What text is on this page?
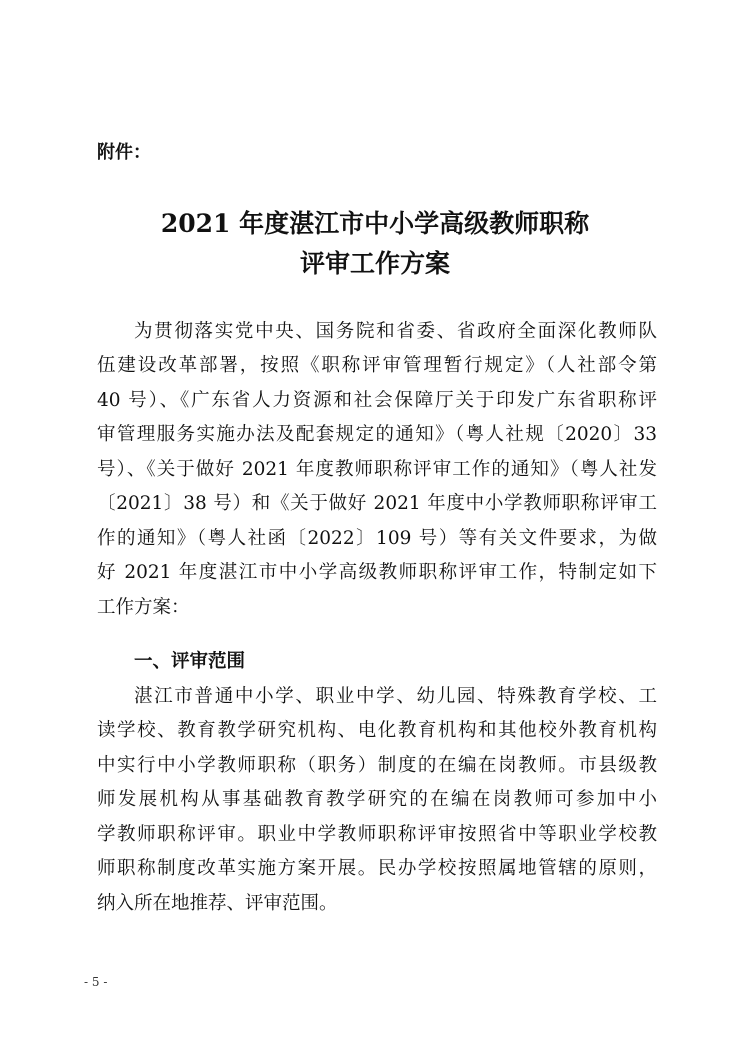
附件：

2021 年度湛江市中小学高级教师职称
评审工作方案

为贯彻落实党中央、国务院和省委、省政府全面深化教师队

伍建设改革部署，按照《职称评审管理暂行规定》（人社部令第

40 号）、《广东省人力资源和社会保障厅关于印发广东省职称评

审管理服务实施办法及配套规定的通知》（粤人社规〔2020〕33

号）、《关于做好 2021 年度教师职称评审工作的通知》（粤人社发

〔2021〕38 号）和《关于做好 2021 年度中小学教师职称评审工

作的通知》（粤人社函〔2022〕109 号）等有关文件要求，为做

好 2021 年度湛江市中小学高级教师职称评审工作，特制定如下

工作方案：

一、评审范围

湛江市普通中小学、职业中学、幼儿园、特殊教育学校、工

读学校、教育教学研究机构、电化教育机构和其他校外教育机构

中实行中小学教师职称（职务）制度的在编在岗教师。市县级教

师发展机构从事基础教育教学研究的在编在岗教师可参加中小

学教师职称评审。职业中学教师职称评审按照省中等职业学校教

师职称制度改革实施方案开展。民办学校按照属地管辖的原则，

纳入所在地推荐、评审范围。

- 5 -
